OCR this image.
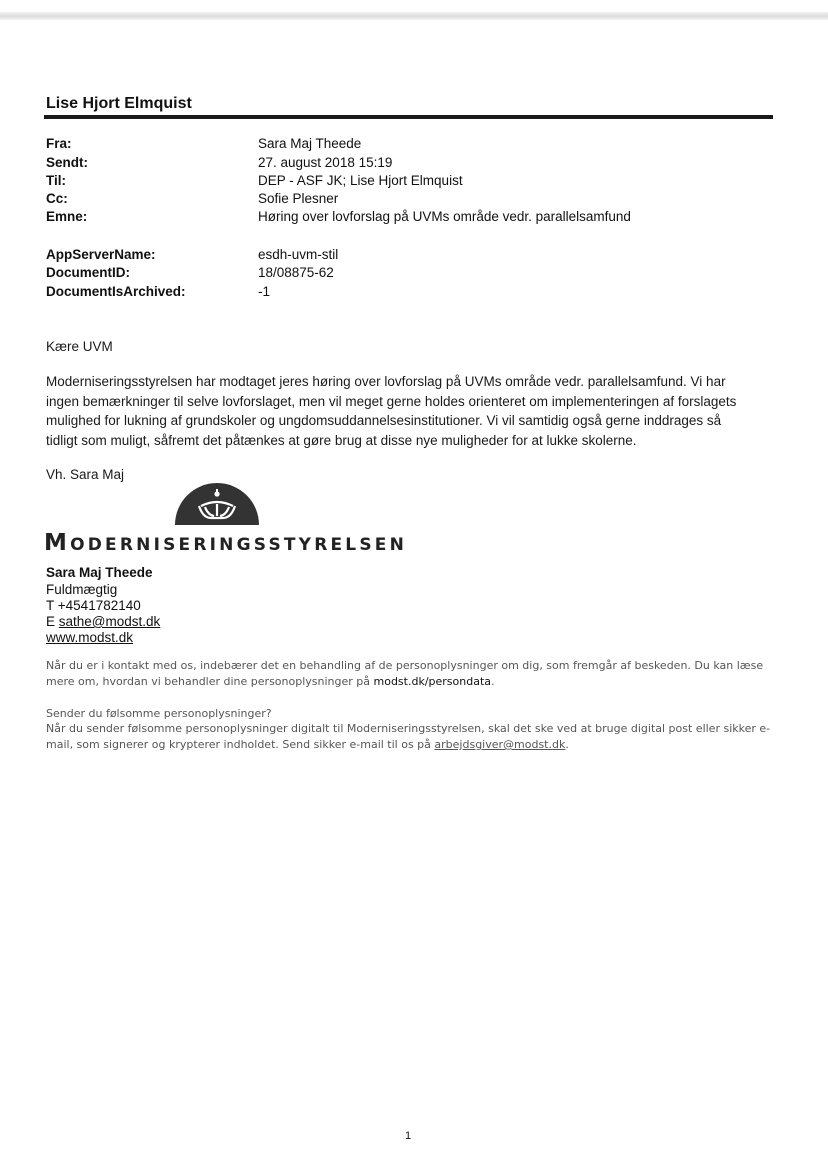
Lise Hjort Elmquist
Fra:	Sara Maj Theede
Sendt:	27. august 2018 15:19
Til:	DEP - ASF JK; Lise Hjort Elmquist
Cc:	Sofie Plesner
Emne:	Høring over lovforslag på UVMs område vedr. parallelsamfund
AppServerName:	esdh-uvm-stil
DocumentID:	18/08875-62
DocumentIsArchived:	-1
Kære UVM

Moderniseringsstyrelsen har modtaget jeres høring over lovforslag på UVMs område vedr. parallelsamfund. Vi har ingen bemærkninger til selve lovforslaget, men vil meget gerne holdes orienteret om implementeringen af forslagets mulighed for lukning af grundskoler og ungdomsuddannelsesinstitutioner. Vi vil samtidig også gerne inddrages så tidligt som muligt, såfremt det påtænkes at gøre brug at disse nye muligheder for at lukke skolerne.

Vh. Sara Maj
MODERNISERINGSSTYRELSEN
Sara Maj Theede
Fuldmægtig
T +4541782140
E sathe@modst.dk
www.modst.dk

Når du er i kontakt med os, indebærer det en behandling af de personoplysninger om dig, som fremgår af beskeden. Du kan læse mere om, hvordan vi behandler dine personoplysninger på modst.dk/persondata.

Sender du følsomme personoplysninger?

Når du sender følsomme personoplysninger digitalt til Moderniseringsstyrelsen, skal det ske ved at bruge digital post eller sikker e-mail, som signerer og krypterer indholdet. Send sikker e-mail til os på arbejdsgiver@modst.dk.

1
